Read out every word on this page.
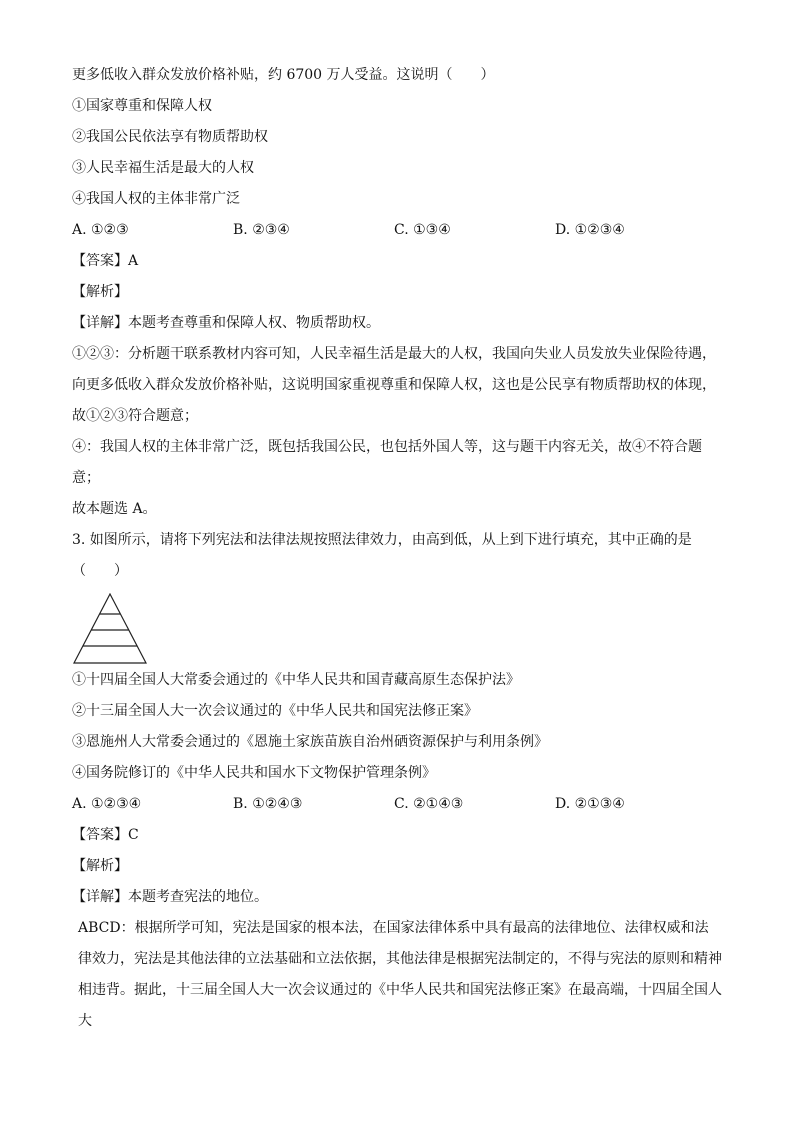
更多低收入群众发放价格补贴，约 6700 万人受益。这说明（　　）
①国家尊重和保障人权
②我国公民依法享有物质帮助权
③人民幸福生活是最大的人权
④我国人权的主体非常广泛
A. ①②③	B. ②③④	C. ①③④	D. ①②③④
【答案】A
【解析】
【详解】本题考查尊重和保障人权、物质帮助权。
①②③：分析题干联系教材内容可知，人民幸福生活是最大的人权，我国向失业人员发放失业保险待遇，向更多低收入群众发放价格补贴，这说明国家重视尊重和保障人权，这也是公民享有物质帮助权的体现，故①②③符合题意；
④：我国人权的主体非常广泛，既包括我国公民，也包括外国人等，这与题干内容无关，故④不符合题意；
故本题选 A。
3. 如图所示，请将下列宪法和法律法规按照法律效力，由高到低，从上到下进行填充，其中正确的是
（　　）
①十四届全国人大常委会通过的《中华人民共和国青藏高原生态保护法》
②十三届全国人大一次会议通过的《中华人民共和国宪法修正案》
③恩施州人大常委会通过的《恩施土家族苗族自治州硒资源保护与利用条例》
④国务院修订的《中华人民共和国水下文物保护管理条例》
A. ①②③④	B. ①②④③	C. ②①④③	D. ②①③④
【答案】C
【解析】
【详解】本题考查宪法的地位。
ABCD：根据所学可知，宪法是国家的根本法，在国家法律体系中具有最高的法律地位、法律权威和法律效力，宪法是其他法律的立法基础和立法依据，其他法律是根据宪法制定的，不得与宪法的原则和精神相违背。据此，十三届全国人大一次会议通过的《中华人民共和国宪法修正案》在最高端，十四届全国人大
